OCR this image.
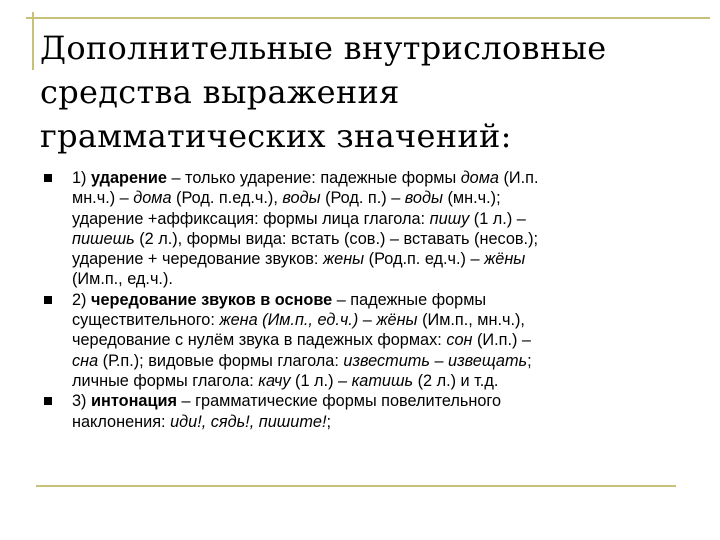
Дополнительные внутрисловные
средства выражения
грамматических значений:
1) ударение – только ударение: падежные формы дома (И.п.
мн.ч.) – дома (Род. п.ед.ч.), воды (Род. п.) – воды (мн.ч.);
ударение +аффиксация: формы лица глагола: пишу (1 л.) –
пишешь (2 л.), формы вида: встать (сов.) – вставать (несов.);
ударение + чередование звуков: жены (Род.п. ед.ч.) – жёны
(Им.п., ед.ч.).
2) чередование звуков в основе – падежные формы
существительного: жена (Им.п., ед.ч.) – жёны (Им.п., мн.ч.),
чередование с нулём звука в падежных формах: сон (И.п.) –
сна (Р.п.); видовые формы глагола: известить – извещать;
личные формы глагола: качу (1 л.) – катишь (2 л.) и т.д.
3) интонация – грамматические формы повелительного
наклонения: иди!, сядь!, пишите!;
